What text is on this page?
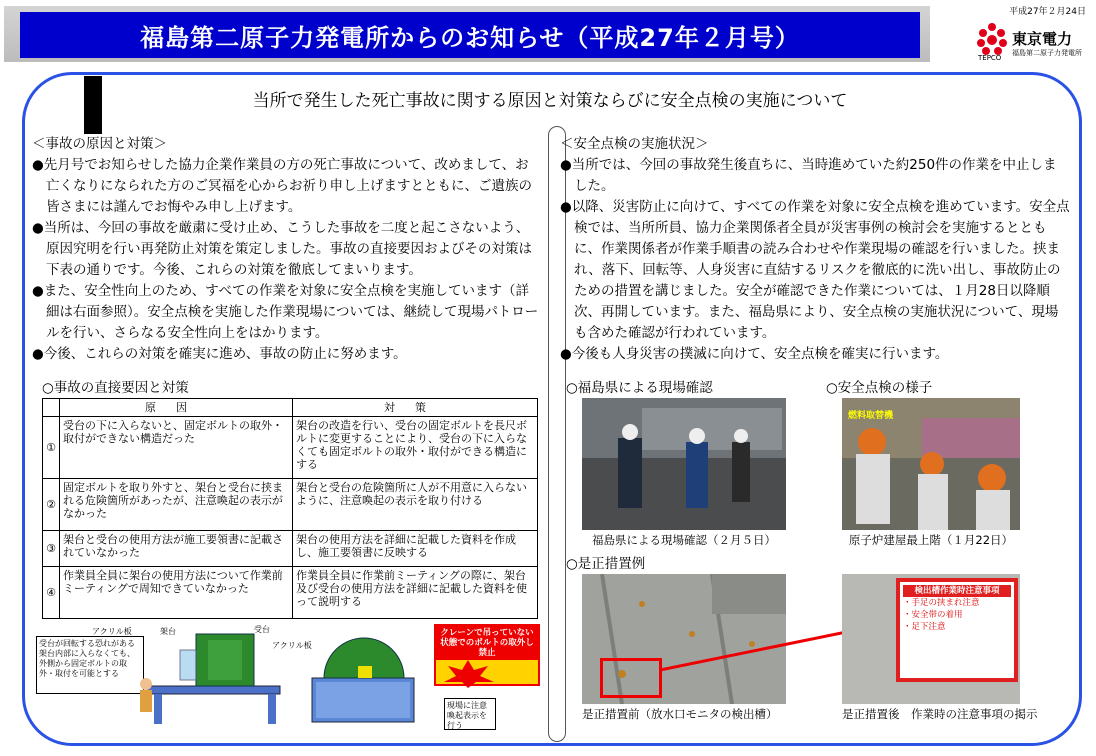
福島第二原子力発電所からのお知らせ（平成27年２月号）
平成27年２月24日
東京電力
福島第二原子力発電所
TEPCO
当所で発生した死亡事故に関する原因と対策ならびに安全点検の実施について

＜事故の原因と対策＞

●先月号でお知らせした協力企業作業員の方の死亡事故について、改めまして、お亡くなりになられた方のご冥福を心からお祈り申し上げますとともに、ご遺族の皆さまには謹んでお悔やみ申し上げます。

●当所は、今回の事故を厳粛に受け止め、こうした事故を二度と起こさないよう、原因究明を行い再発防止対策を策定しました。事故の直接要因およびその対策は下表の通りです。今後、これらの対策を徹底してまいります。

●また、安全性向上のため、すべての作業を対象に安全点検を実施しています（詳細は右面参照）。安全点検を実施した作業現場については、継続して現場パトロールを行い、さらなる安全性向上をはかります。

●今後、これらの対策を確実に進め、事故の防止に努めます。

○事故の直接要因と対策
	原因	対策
①	受台の下に入らないと、固定ボルトの取外・取付ができない構造だった	架台の改造を行い、受台の固定ボルトを長尺ボルトに変更することにより、受台の下に入らなくても固定ボルトの取外・取付ができる構造にする
②	固定ボルトを取り外すと、架台と受台に挟まれる危険箇所があったが、注意喚起の表示がなかった	架台と受台の危険箇所に人が不用意に入らないように、注意喚起の表示を取り付ける
③	架台と受台の使用方法が施工要領書に記載されていなかった	架台の使用方法を詳細に記載した資料を作成し、施工要領書に反映する
④	作業員全員に架台の使用方法について作業前ミーティングで周知できていなかった	作業員全員に作業前ミーティングの際に、架台及び受台の使用方法を詳細に記載した資料を使って説明する
受台が回転する恐れがある架台内部に入らなくても、外側から固定ボルトの取外・取付を可能とする
アクリル板	架台	受台
アクリル板
クレーンで吊っていない状態でのボルトの取外し禁止
現場に注意喚起表示を行う

＜安全点検の実施状況＞

●当所では、今回の事故発生後直ちに、当時進めていた約250件の作業を中止しました。

●以降、災害防止に向けて、すべての作業を対象に安全点検を進めています。安全点検では、当所所員、協力企業関係者全員が災害事例の検討会を実施するとともに、作業関係者が作業手順書の読み合わせや作業現場の確認を行いました。挟まれ、落下、回転等、人身災害に直結するリスクを徹底的に洗い出し、事故防止のための措置を講じました。安全が確認できた作業については、１月28日以降順次、再開しています。また、福島県により、安全点検の実施状況について、現場も含めた確認が行われています。

●今後も人身災害の撲滅に向けて、安全点検を確実に行います。

○福島県による現場確認	○安全点検の様子
福島県による現場確認（２月５日）
燃料取替機
原子炉建屋最上階（１月22日）
○是正措置例
是正措置前（放水口モニタの検出槽）
検出槽作業時注意事項
・手足の挟まれ注意
・安全帯の着用
・足下注意
是正措置後　作業時の注意事項の掲示
